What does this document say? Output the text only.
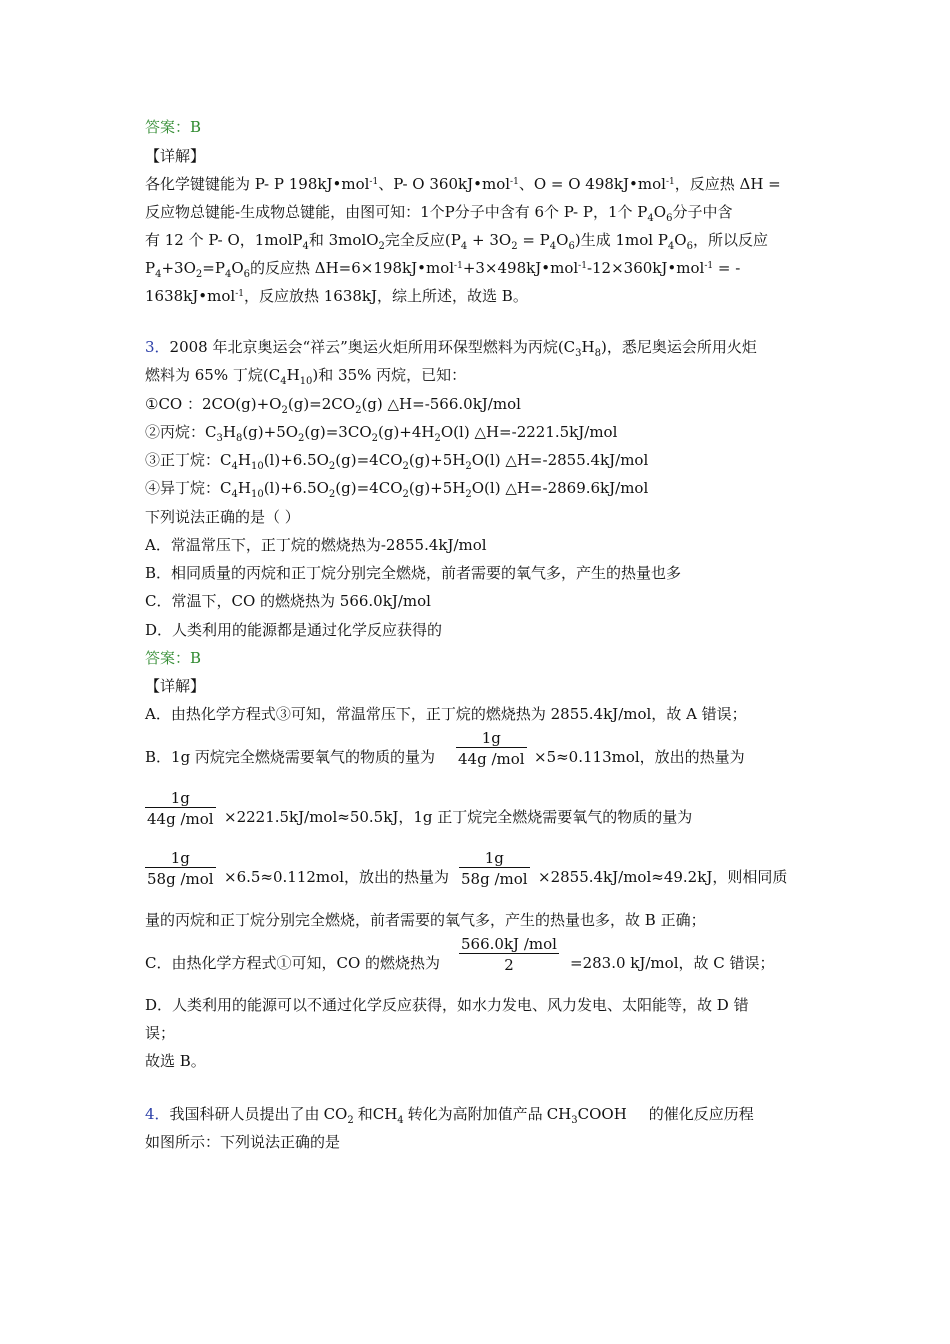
答案：B
【详解】
各化学键键能为 P- P 198kJ•mol$^{-1}$、P- O 360kJ•mol$^{-1}$、O = O 498kJ•mol$^{-1}$，反应热 ΔH =
反应物总键能-生成物总键能，由图可知：1个P分子中含有 6个 P- P，1个 $P_4O_6$分子中含
有 12 个 P- O，1molP$_4$和 3molO$_2$完全反应$(P_4 + 3O_2 = P_4O_6)$生成 1mol $P_4O_6$，所以反应
$P_4+3O_2=P_4O_6$的反应热 ΔH=6×198kJ•mol$^{-1}$+3×498kJ•mol$^{-1}$-12×360kJ•mol$^{-1}$ = -
1638kJ•mol$^{-1}$，反应放热 1638kJ，综上所述，故选 B。
3．2008 年北京奥运会“祥云”奥运火炬所用环保型燃料为丙烷$(C_3H_8)$，悉尼奥运会所用火炬
燃料为 65% 丁烷$(C_4H_{10})$和 35% 丙烷，已知：
①CO ：$2CO(g)+O_2(g)=2CO_2(g)$ △H=-566.0kJ/mol
②丙烷：$C_3H_8(g)+5O_2(g)=3CO_2(g)+4H_2O(l)$ △H=-2221.5kJ/mol
③正丁烷：$C_4H_{10}(l)+6.5O_2(g)=4CO_2(g)+5H_2O(l)$ △H=-2855.4kJ/mol
④异丁烷：$C_4H_{10}(l)+6.5O_2(g)=4CO_2(g)+5H_2O(l)$ △H=-2869.6kJ/mol
下列说法正确的是（ ）
A．常温常压下，正丁烷的燃烧热为-2855.4kJ/mol
B．相同质量的丙烷和正丁烷分别完全燃烧，前者需要的氧气多，产生的热量也多
C．常温下，CO 的燃烧热为 566.0kJ/mol
D．人类利用的能源都是通过化学反应获得的
答案：B
【详解】
A．由热化学方程式③可知，常温常压下，正丁烷的燃烧热为 2855.4kJ/mol，故 A 错误；
B．1g 丙烷完全燃烧需要氧气的物质的量为 $\frac{1g}{\text{44g /mol}} \times 5\approx 0.113mol$，放出的热量为
$\frac{1g}{\text{44g /mol}} \times 2221.5kJ/mol\approx 50.5kJ$，1g 正丁烷完全燃烧需要氧气的物质的量为
$\frac{1g}{\text{58g /mol}} \times 6.5\approx 0.112mol$，放出的热量为 $\frac{1g}{\text{58g /mol}} \times 2855.4kJ/mol\approx 49.2kJ$，则相同质
量的丙烷和正丁烷分别完全燃烧，前者需要的氧气多，产生的热量也多，故 B 正确；
C．由热化学方程式①可知，CO 的燃烧热为 $\frac{\text{566.0kJ /mol}}{2} =283.0$ kJ/mol，故 C 错误；
D．人类利用的能源可以不通过化学反应获得，如水力发电、风力发电、太阳能等，故 D 错
误；
故选 B。
4．我国科研人员提出了由 $CO_2$ 和$CH_4$ 转化为高附加值产品 $CH_3COOH$ 的催化反应历程
如图所示：下列说法正确的是
